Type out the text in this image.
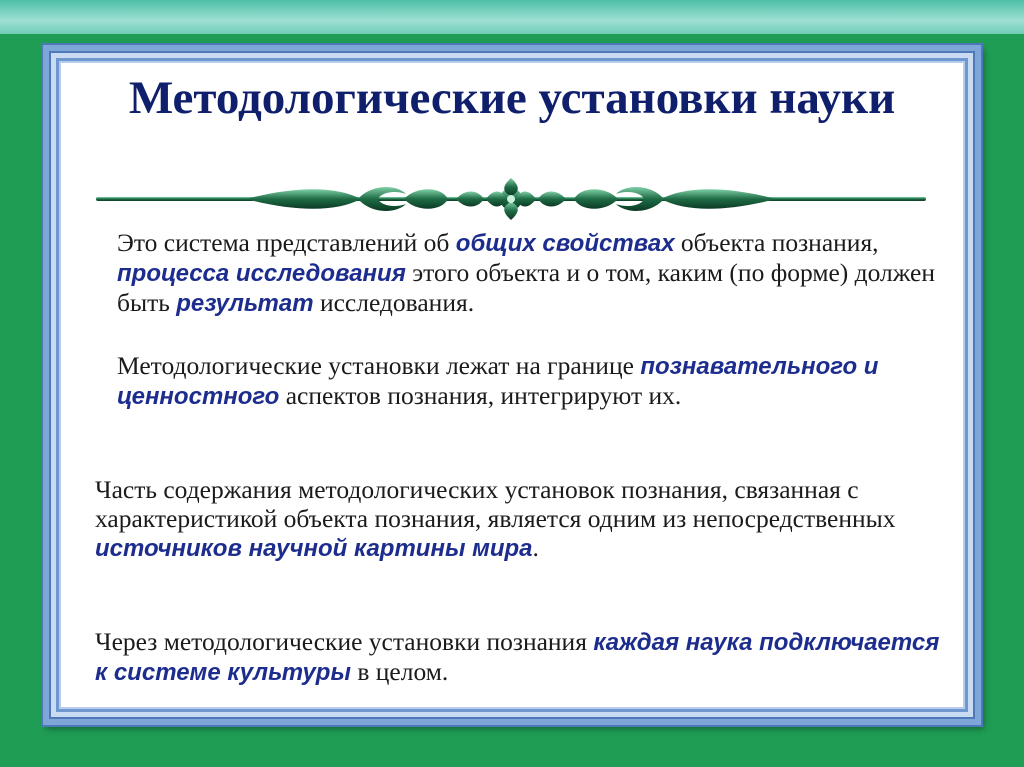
Методологические установки науки

Это система представлений об общих свойствах объекта познания, процесса исследования этого объекта и о том, каким (по форме) должен быть результат исследования.

Методологические установки лежат на границе познавательного и ценностного аспектов познания, интегрируют их.

Часть содержания методологических установок познания, связанная с характеристикой объекта познания, является одним из непосредственных источников научной картины мира.

Через методологические установки познания каждая наука подключается к системе культуры в целом.
